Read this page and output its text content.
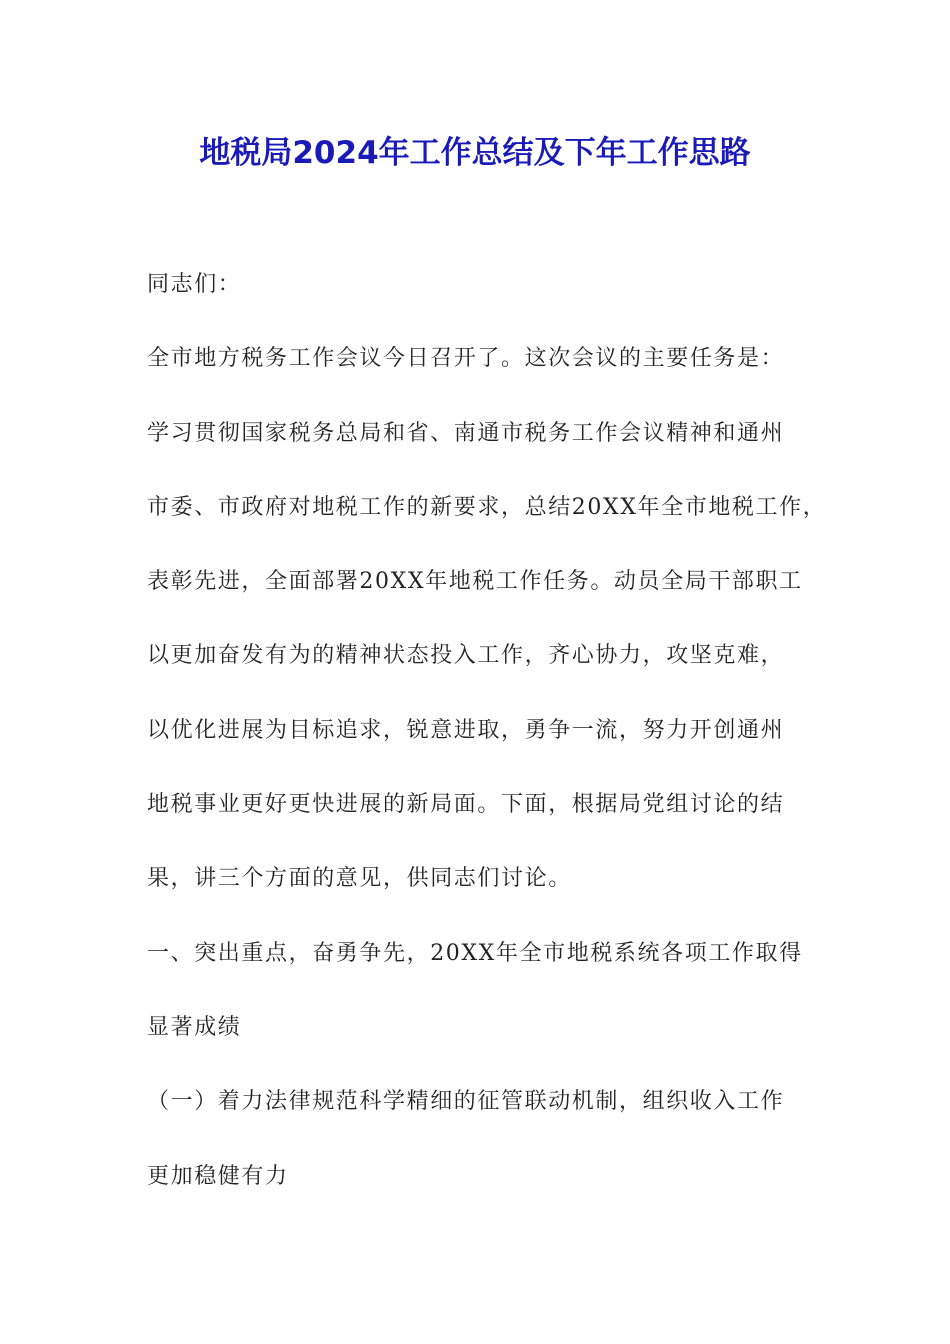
地税局2024年工作总结及下年工作思路
同志们：
全市地方税务工作会议今日召开了。这次会议的主要任务是：
学习贯彻国家税务总局和省、南通市税务工作会议精神和通州
市委、市政府对地税工作的新要求，总结20XX年全市地税工作，
表彰先进，全面部署20XX年地税工作任务。动员全局干部职工
以更加奋发有为的精神状态投入工作，齐心协力，攻坚克难，
以优化进展为目标追求，锐意进取，勇争一流，努力开创通州
地税事业更好更快进展的新局面。下面，根据局党组讨论的结
果，讲三个方面的意见，供同志们讨论。
一、突出重点，奋勇争先，20XX年全市地税系统各项工作取得
显著成绩
（一）着力法律规范科学精细的征管联动机制，组织收入工作
更加稳健有力
